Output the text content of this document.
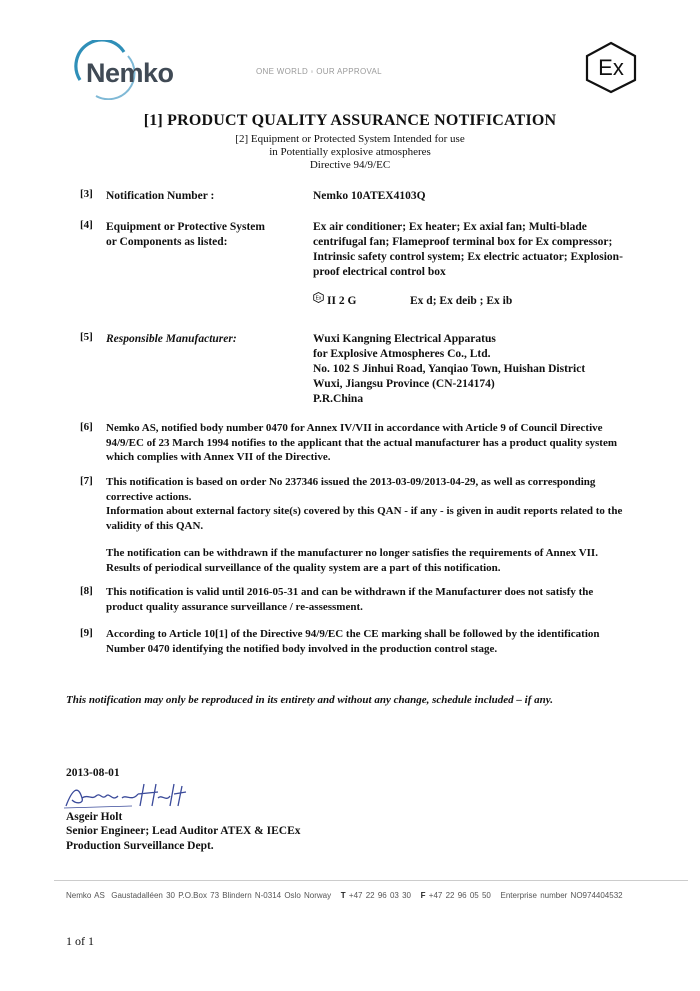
Nemko	ONE WORLD ◦ OUR APPROVAL	Ex
[1] PRODUCT QUALITY ASSURANCE NOTIFICATION
[2] Equipment or Protected System Intended for use
in Potentially explosive atmospheres
Directive 94/9/EC
[3] Notification Number :	Nemko 10ATEX4103Q
[4] Equipment or Protective System
or Components as listed:
Ex air conditioner; Ex heater; Ex axial fan; Multi-blade
centrifugal fan; Flameproof terminal box for Ex compressor;
Intrinsic safety control system; Ex electric actuator; Explosion-
proof electrical control box
Ex II 2 G	Ex d; Ex deib ; Ex ib
[5] Responsible Manufacturer:	Wuxi Kangning Electrical Apparatus
for Explosive Atmospheres Co., Ltd.
No. 102 S Jinhui Road, Yanqiao Town, Huishan District
Wuxi, Jiangsu Province (CN-214174)
P.R.China
[6] Nemko AS, notified body number 0470 for Annex IV/VII in accordance with Article 9 of Council Directive
94/9/EC of 23 March 1994 notifies to the applicant that the actual manufacturer has a product quality system
which complies with Annex VII of the Directive.
[7] This notification is based on order No 237346 issued the 2013-03-09/2013-04-29, as well as corresponding
corrective actions.
Information about external factory site(s) covered by this QAN - if any - is given in audit reports related to the
validity of this QAN.
The notification can be withdrawn if the manufacturer no longer satisfies the requirements of Annex VII.
Results of periodical surveillance of the quality system are a part of this notification.
[8] This notification is valid until 2016-05-31 and can be withdrawn if the Manufacturer does not satisfy the
product quality assurance surveillance / re-assessment.
[9] According to Article 10[1] of the Directive 94/9/EC the CE marking shall be followed by the identification
Number 0470 identifying the notified body involved in the production control stage.
This notification may only be reproduced in its entirety and without any change, schedule included – if any.
2013-08-01
Asgeir Holt
Senior Engineer; Lead Auditor ATEX & IECEx
Production Surveillance Dept.
Nemko AS Gaustadalléen 30 P.O.Box 73 Blindern N-0314 Oslo Norway T +47 22 96 03 30 F +47 22 96 05 50 Enterprise number NO974404532
1 of 1
